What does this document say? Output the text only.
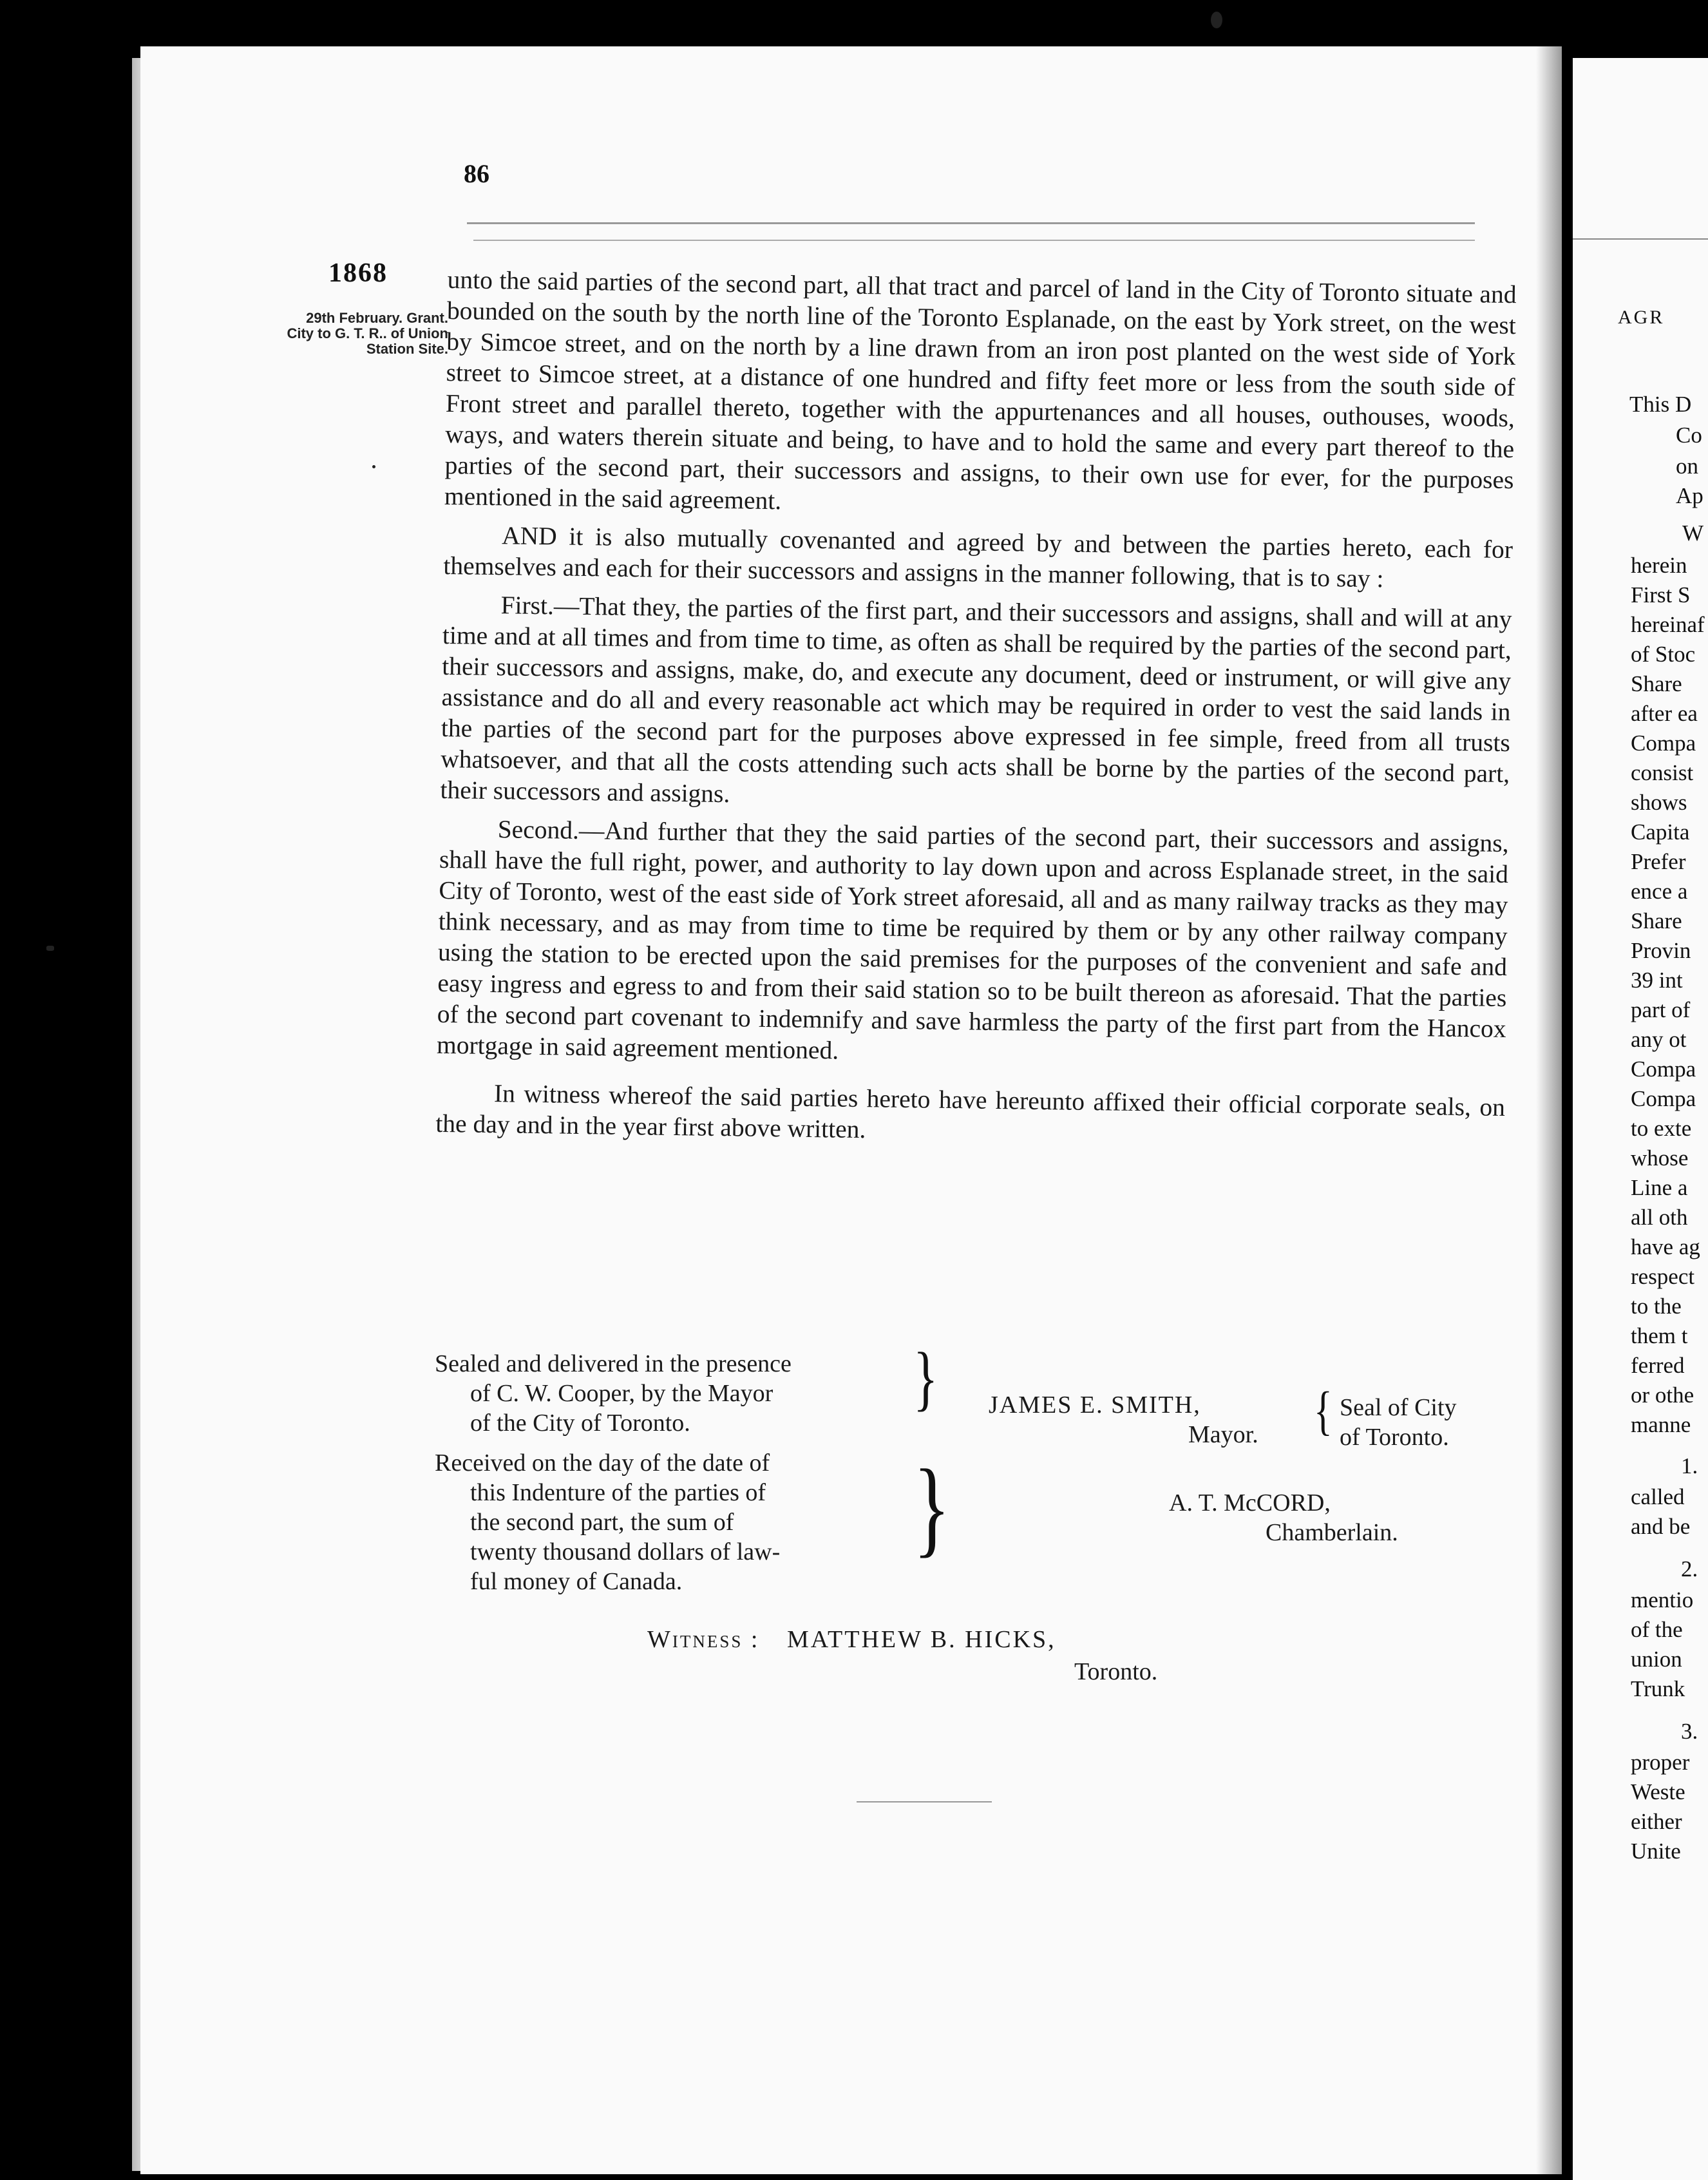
AGR
This D
Co
on
Ap
W
herein
First S
hereinaf
of Stoc
Share
after ea
Compa
consist
shows
Capita
Prefer
ence a
Share
Provin
39 int
part of
any ot
Compa
Compa
to exte
whose
Line a
all oth
have ag
respect
to the
them t
ferred
or othe
manne
1.
called
and be
2.
mentio
of the
union
Trunk
3.
proper
Weste
either
Unite
86
1868
29th February. Grant. City to G. T. R.. of Union Station Site.

unto the said parties of the second part, all that tract and parcel of land in the City of Toronto situate and bounded on the south by the north line of the Toronto Esplanade, on the east by York street, on the west by Simcoe street, and on the north by a line drawn from an iron post planted on the west side of York street to Simcoe street, at a distance of one hundred and fifty feet more or less from the south side of Front street and parallel thereto, together with the appurtenances and all houses, outhouses, woods, ways, and waters therein situate and being, to have and to hold the same and every part thereof to the parties of the second part, their successors and assigns, to their own use for ever, for the purposes mentioned in the said agreement.

AND it is also mutually covenanted and agreed by and between the parties hereto, each for themselves and each for their successors and assigns in the manner following, that is to say :

First.—That they, the parties of the first part, and their successors and assigns, shall and will at any time and at all times and from time to time, as often as shall be required by the parties of the second part, their successors and assigns, make, do, and execute any document, deed or instrument, or will give any assistance and do all and every reasonable act which may be required in order to vest the said lands in the parties of the second part for the purposes above expressed in fee simple, freed from all trusts whatsoever, and that all the costs attending such acts shall be borne by the parties of the second part, their successors and assigns.

Second.—And further that they the said parties of the second part, their successors and assigns, shall have the full right, power, and authority to lay down upon and across Esplanade street, in the said City of Toronto, west of the east side of York street aforesaid, all and as many railway tracks as they may think necessary, and as may from time to time be required by them or by any other railway company using the station to be erected upon the said premises for the purposes of the convenient and safe and easy ingress and egress to and from their said station so to be built thereon as aforesaid. That the parties of the second part covenant to indemnify and save harmless the party of the first part from the Hancox mortgage in said agreement mentioned.

In witness whereof the said parties hereto have hereunto affixed their official corporate seals, on the day and in the year first above written.

Sealed and delivered in the presence
of C. W. Cooper, by the Mayor
of the City of Toronto.
}
Received on the day of the date of
this Indenture of the parties of
the second part, the sum of
twenty thousand dollars of law-
ful money of Canada.
}
JAMES E. SMITH,
Mayor. { Seal of City
of Toronto.
A. T. McCORD,
Chamberlain.
Witness : MATTHEW B. HICKS,
Toronto.
